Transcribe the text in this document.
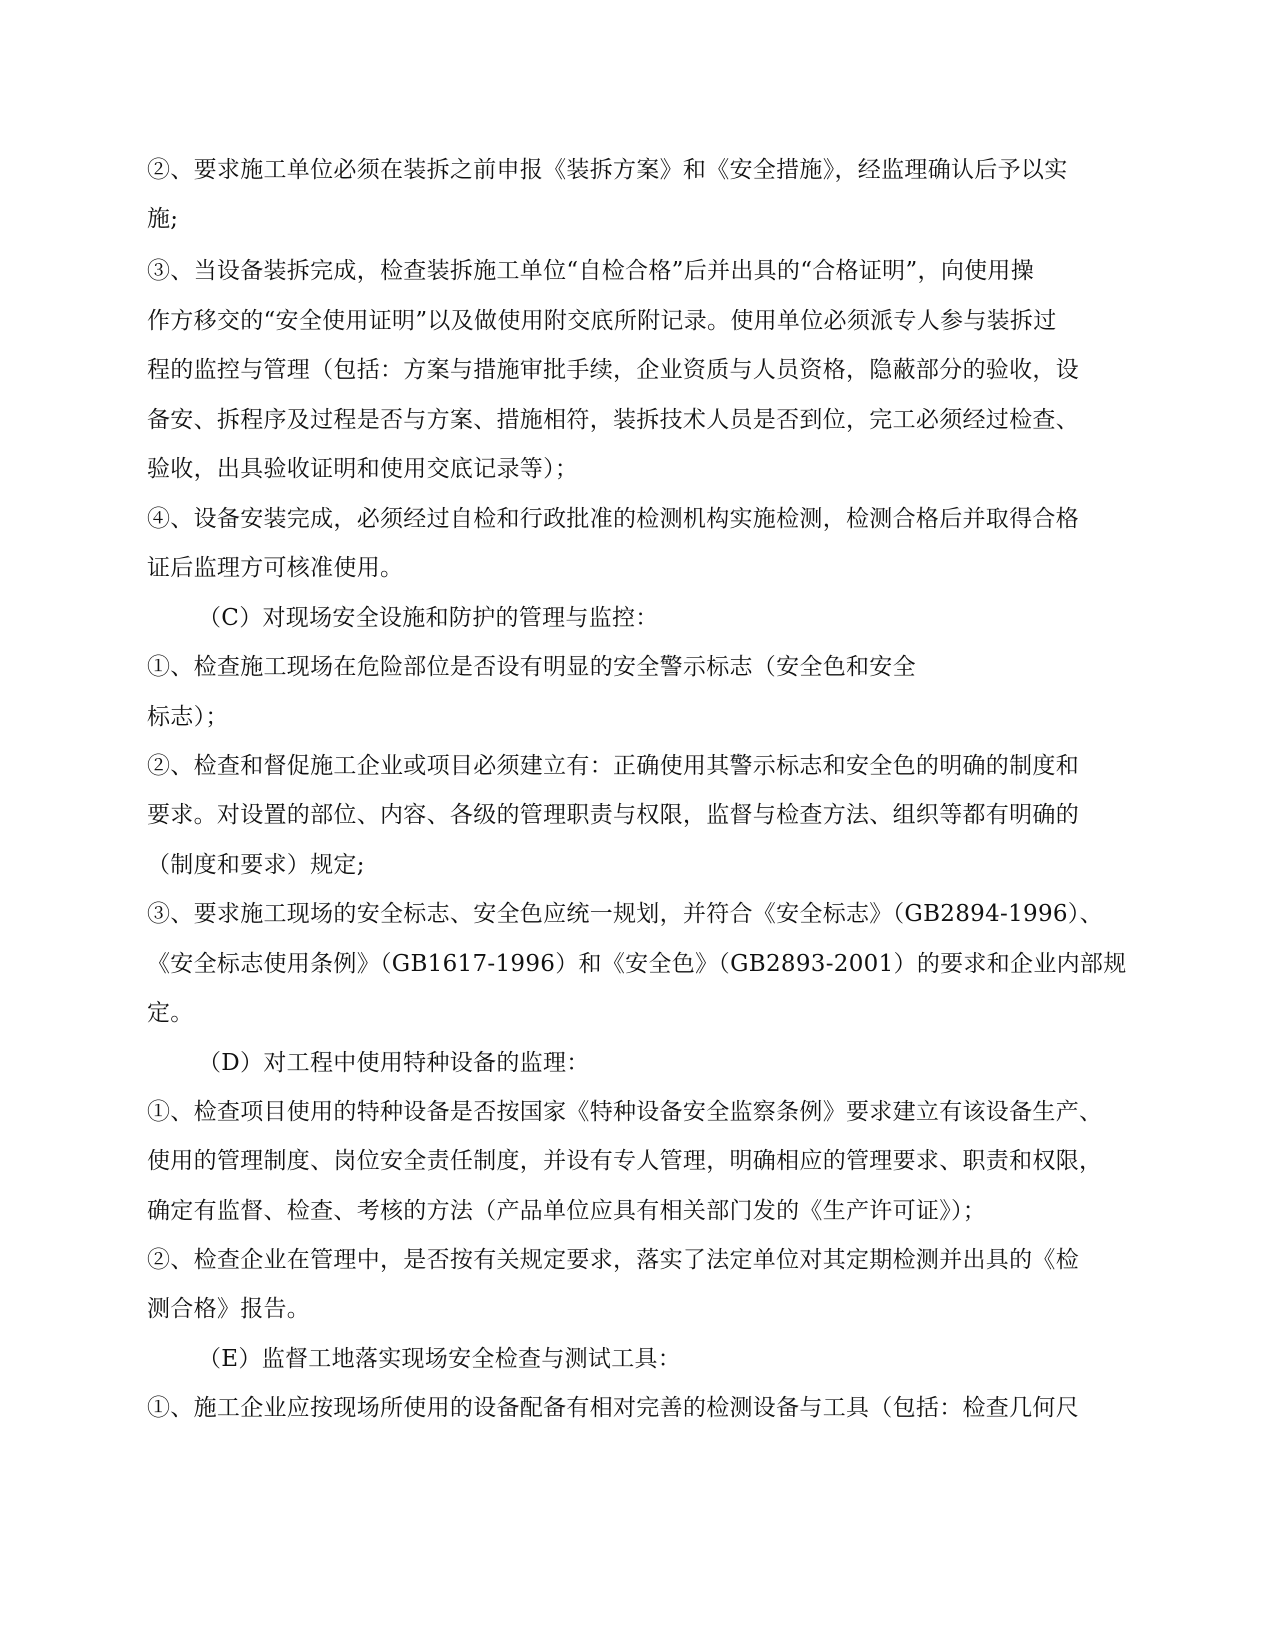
②、要求施工单位必须在装拆之前申报《装拆方案》和《安全措施》，经监理确认后予以实
施;
③、当设备装拆完成，检查装拆施工单位“自检合格”后并出具的“合格证明”，向使用操
作方移交的“安全使用证明”以及做使用附交底所附记录。使用单位必须派专人参与装拆过
程的监控与管理（包括：方案与措施审批手续，企业资质与人员资格，隐蔽部分的验收，设
备安、拆程序及过程是否与方案、措施相符，装拆技术人员是否到位，完工必须经过检查、
验收，出具验收证明和使用交底记录等）；
④、设备安装完成，必须经过自检和行政批准的检测机构实施检测，检测合格后并取得合格
证后监理方可核准使用。
（C）对现场安全设施和防护的管理与监控：
①、检查施工现场在危险部位是否设有明显的安全警示标志（安全色和安全
标志）；
②、检查和督促施工企业或项目必须建立有：正确使用其警示标志和安全色的明确的制度和
要求。对设置的部位、内容、各级的管理职责与权限，监督与检查方法、组织等都有明确的
（制度和要求）规定;
③、要求施工现场的安全标志、安全色应统一规划，并符合《安全标志》（GB2894-1996）、
《安全标志使用条例》（GB1617-1996）和《安全色》（GB2893-2001）的要求和企业内部规
定。
（D）对工程中使用特种设备的监理：
①、检查项目使用的特种设备是否按国家《特种设备安全监察条例》要求建立有该设备生产、
使用的管理制度、岗位安全责任制度，并设有专人管理，明确相应的管理要求、职责和权限，
确定有监督、检查、考核的方法（产品单位应具有相关部门发的《生产许可证》）；
②、检查企业在管理中，是否按有关规定要求，落实了法定单位对其定期检测并出具的《检
测合格》报告。
（E）监督工地落实现场安全检查与测试工具：
①、施工企业应按现场所使用的设备配备有相对完善的检测设备与工具（包括：检查几何尺
